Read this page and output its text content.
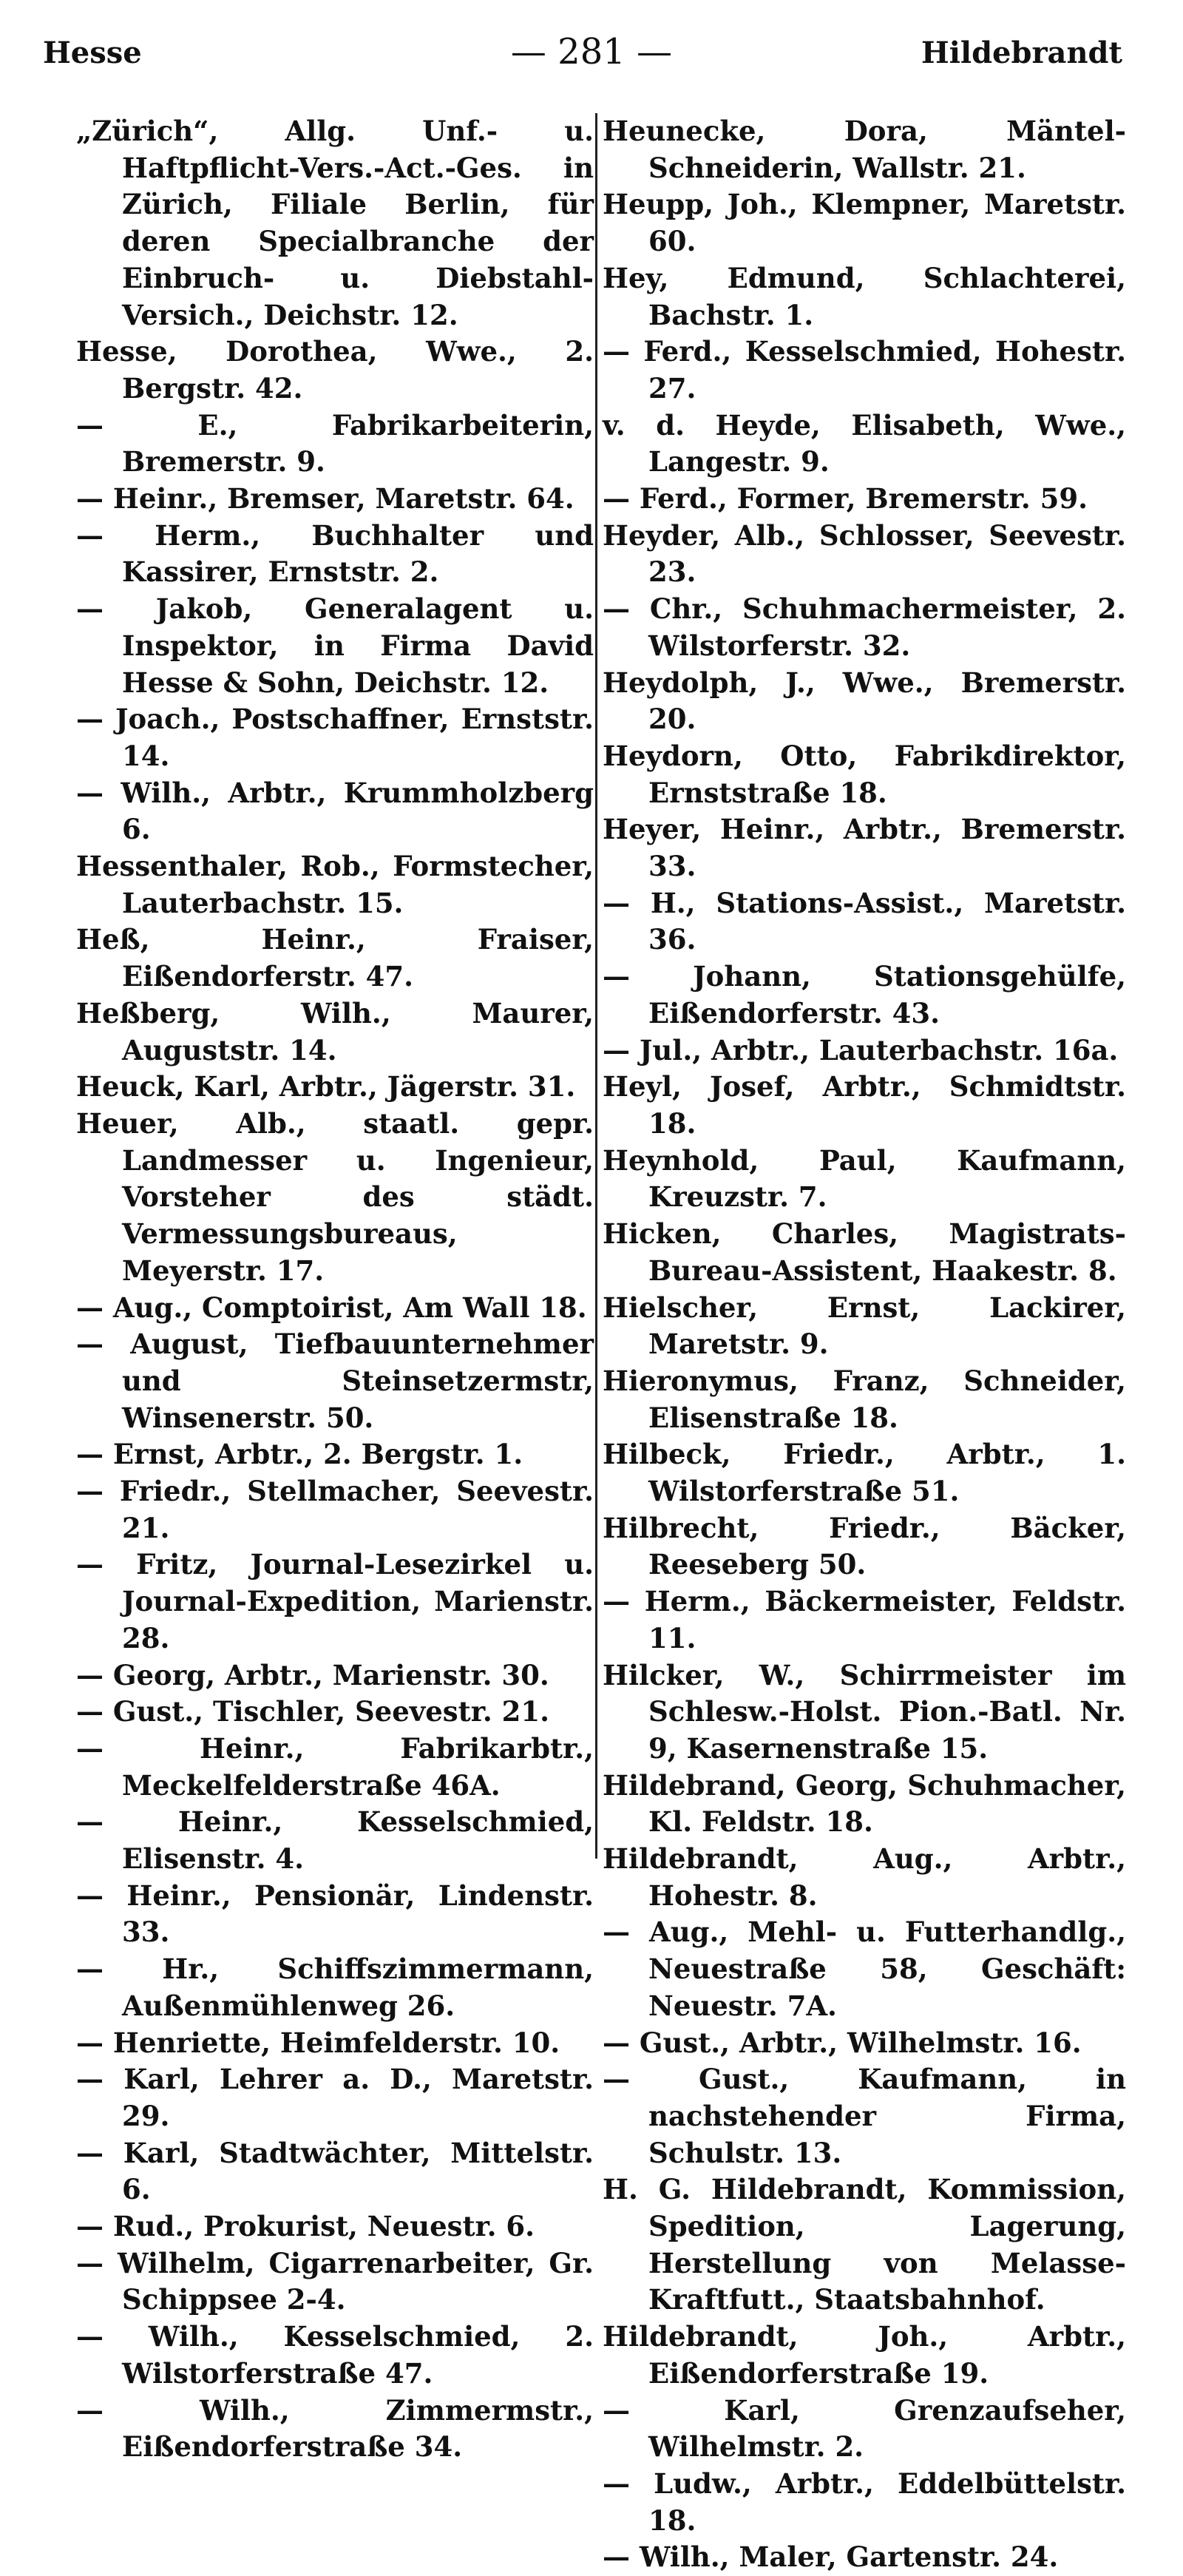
Hesse	— 281 —	Hildebrandt

„Zürich“, Allg. Unf.- u. Haftpflicht-Vers.-Act.-Ges. in Zürich, Filiale Berlin, für deren Specialbranche der Einbruch- u. Diebstahl-Versich., Deichstr. 12.

Hesse, Dorothea, Wwe., 2. Bergstr. 42.

— E., Fabrikarbeiterin, Bremerstr. 9.

— Heinr., Bremser, Maretstr. 64.

— Herm., Buchhalter und Kassirer, Ernststr. 2.

— Jakob, Generalagent u. Inspektor, in Firma David Hesse & Sohn, Deichstr. 12.

— Joach., Postschaffner, Ernststr. 14.

— Wilh., Arbtr., Krummholzberg 6.

Hessenthaler, Rob., Formstecher, Lauterbachstr. 15.

Heß, Heinr., Fraiser, Eißendorferstr. 47.

Heßberg, Wilh., Maurer, Auguststr. 14.

Heuck, Karl, Arbtr., Jägerstr. 31.

Heuer, Alb., staatl. gepr. Landmesser u. Ingenieur, Vorsteher des städt. Vermessungsbureaus, Meyerstr. 17.

— Aug., Comptoirist, Am Wall 18.

— August, Tiefbauunternehmer und Steinsetzermstr, Winsenerstr. 50.

— Ernst, Arbtr., 2. Bergstr. 1.

— Friedr., Stellmacher, Seevestr. 21.

— Fritz, Journal-Lesezirkel u. Journal-Expedition, Marienstr. 28.

— Georg, Arbtr., Marienstr. 30.

— Gust., Tischler, Seevestr. 21.

— Heinr., Fabrikarbtr., Meckelfelderstraße 46A.

— Heinr., Kesselschmied, Elisenstr. 4.

— Heinr., Pensionär, Lindenstr. 33.

— Hr., Schiffszimmermann, Außenmühlenweg 26.

— Henriette, Heimfelderstr. 10.

— Karl, Lehrer a. D., Maretstr. 29.

— Karl, Stadtwächter, Mittelstr. 6.

— Rud., Prokurist, Neuestr. 6.

— Wilhelm, Cigarrenarbeiter, Gr. Schippsee 2-4.

— Wilh., Kesselschmied, 2. Wilstorferstraße 47.

— Wilh., Zimmermstr., Eißendorferstraße 34.

Heunecke, Dora, Mäntel-Schneiderin, Wallstr. 21.

Heupp, Joh., Klempner, Maretstr. 60.

Hey, Edmund, Schlachterei, Bachstr. 1.

— Ferd., Kesselschmied, Hohestr. 27.

v. d. Heyde, Elisabeth, Wwe., Langestr. 9.

— Ferd., Former, Bremerstr. 59.

Heyder, Alb., Schlosser, Seevestr. 23.

— Chr., Schuhmachermeister, 2. Wilstorferstr. 32.

Heydolph, J., Wwe., Bremerstr. 20.

Heydorn, Otto, Fabrikdirektor, Ernststraße 18.

Heyer, Heinr., Arbtr., Bremerstr. 33.

— H., Stations-Assist., Maretstr. 36.

— Johann, Stationsgehülfe, Eißendorferstr. 43.

— Jul., Arbtr., Lauterbachstr. 16a.

Heyl, Josef, Arbtr., Schmidtstr. 18.

Heynhold, Paul, Kaufmann, Kreuzstr. 7.

Hicken, Charles, Magistrats-Bureau-Assistent, Haakestr. 8.

Hielscher, Ernst, Lackirer, Maretstr. 9.

Hieronymus, Franz, Schneider, Elisenstraße 18.

Hilbeck, Friedr., Arbtr., 1. Wilstorferstraße 51.

Hilbrecht, Friedr., Bäcker, Reeseberg 50.

— Herm., Bäckermeister, Feldstr. 11.

Hilcker, W., Schirrmeister im Schlesw.-Holst. Pion.-Batl. Nr. 9, Kasernenstraße 15.

Hildebrand, Georg, Schuhmacher, Kl. Feldstr. 18.

Hildebrandt, Aug., Arbtr., Hohestr. 8.

— Aug., Mehl- u. Futterhandlg., Neuestraße 58, Geschäft: Neuestr. 7A.

— Gust., Arbtr., Wilhelmstr. 16.

— Gust., Kaufmann, in nachstehender Firma, Schulstr. 13.

H. G. Hildebrandt, Kommission, Spedition, Lagerung, Herstellung von Melasse-Kraftfutt., Staatsbahnhof.

Hildebrandt, Joh., Arbtr., Eißendorferstraße 19.

— Karl, Grenzaufseher, Wilhelmstr. 2.

— Ludw., Arbtr., Eddelbüttelstr. 18.

— Wilh., Maler, Gartenstr. 24.
